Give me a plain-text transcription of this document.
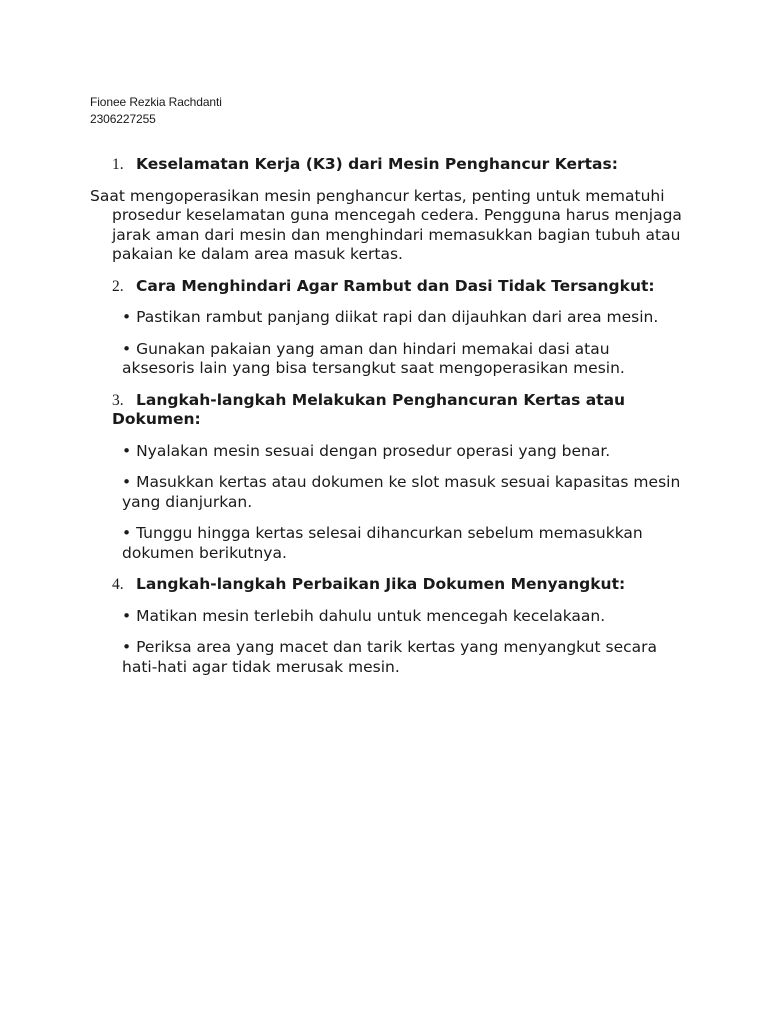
Fionee Rezkia Rachdanti
2306227255
1. Keselamatan Kerja (K3) dari Mesin Penghancur Kertas:
Saat mengoperasikan mesin penghancur kertas, penting untuk mematuhi prosedur keselamatan guna mencegah cedera. Pengguna harus menjaga jarak aman dari mesin dan menghindari memasukkan bagian tubuh atau pakaian ke dalam area masuk kertas.
2. Cara Menghindari Agar Rambut dan Dasi Tidak Tersangkut:
• Pastikan rambut panjang diikat rapi dan dijauhkan dari area mesin.
• Gunakan pakaian yang aman dan hindari memakai dasi atau aksesoris lain yang bisa tersangkut saat mengoperasikan mesin.
3. Langkah-langkah Melakukan Penghancuran Kertas atau Dokumen:
• Nyalakan mesin sesuai dengan prosedur operasi yang benar.
• Masukkan kertas atau dokumen ke slot masuk sesuai kapasitas mesin yang dianjurkan.
• Tunggu hingga kertas selesai dihancurkan sebelum memasukkan dokumen berikutnya.
4. Langkah-langkah Perbaikan Jika Dokumen Menyangkut:
• Matikan mesin terlebih dahulu untuk mencegah kecelakaan.
• Periksa area yang macet dan tarik kertas yang menyangkut secara hati-hati agar tidak merusak mesin.
